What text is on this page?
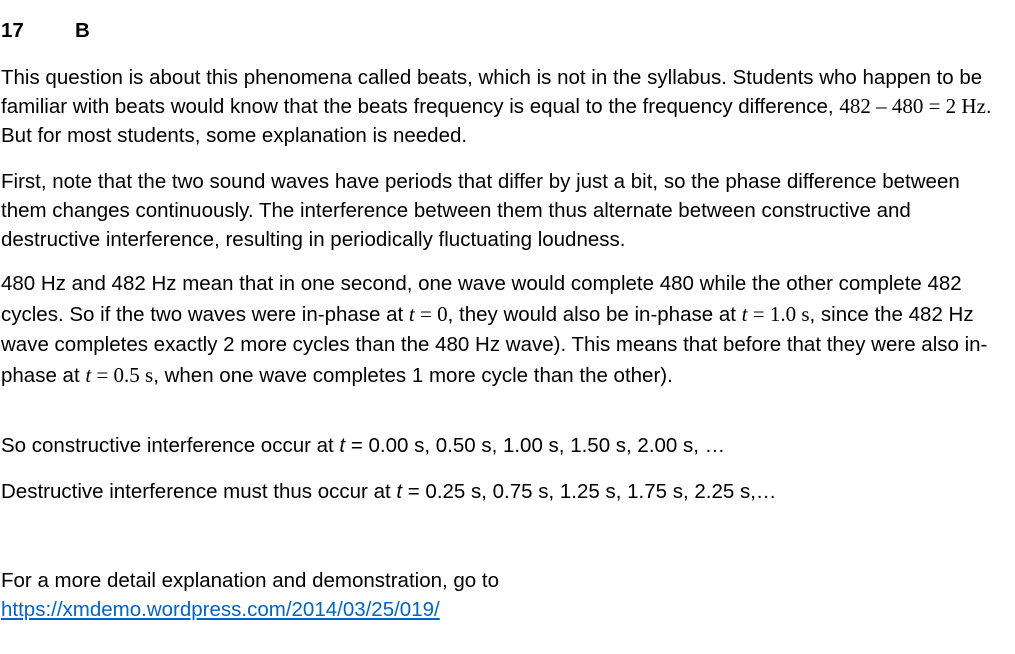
17 B

This question is about this phenomena called beats, which is not in the syllabus. Students who happen to be familiar with beats would know that the beats frequency is equal to the frequency difference, 482 – 480 = 2 Hz. But for most students, some explanation is needed.

First, note that the two sound waves have periods that differ by just a bit, so the phase difference between them changes continuously. The interference between them thus alternate between constructive and destructive interference, resulting in periodically fluctuating loudness.

480 Hz and 482 Hz mean that in one second, one wave would complete 480 while the other complete 482 cycles. So if the two waves were in-phase at t = 0, they would also be in-phase at t = 1.0 s, since the 482 Hz wave completes exactly 2 more cycles than the 480 Hz wave). This means that before that they were also in-phase at t = 0.5 s, when one wave completes 1 more cycle than the other).

So constructive interference occur at t = 0.00 s, 0.50 s, 1.00 s, 1.50 s, 2.00 s, …

Destructive interference must thus occur at t = 0.25 s, 0.75 s, 1.25 s, 1.75 s, 2.25 s,…

For a more detail explanation and demonstration, go to
https://xmdemo.wordpress.com/2014/03/25/019/
